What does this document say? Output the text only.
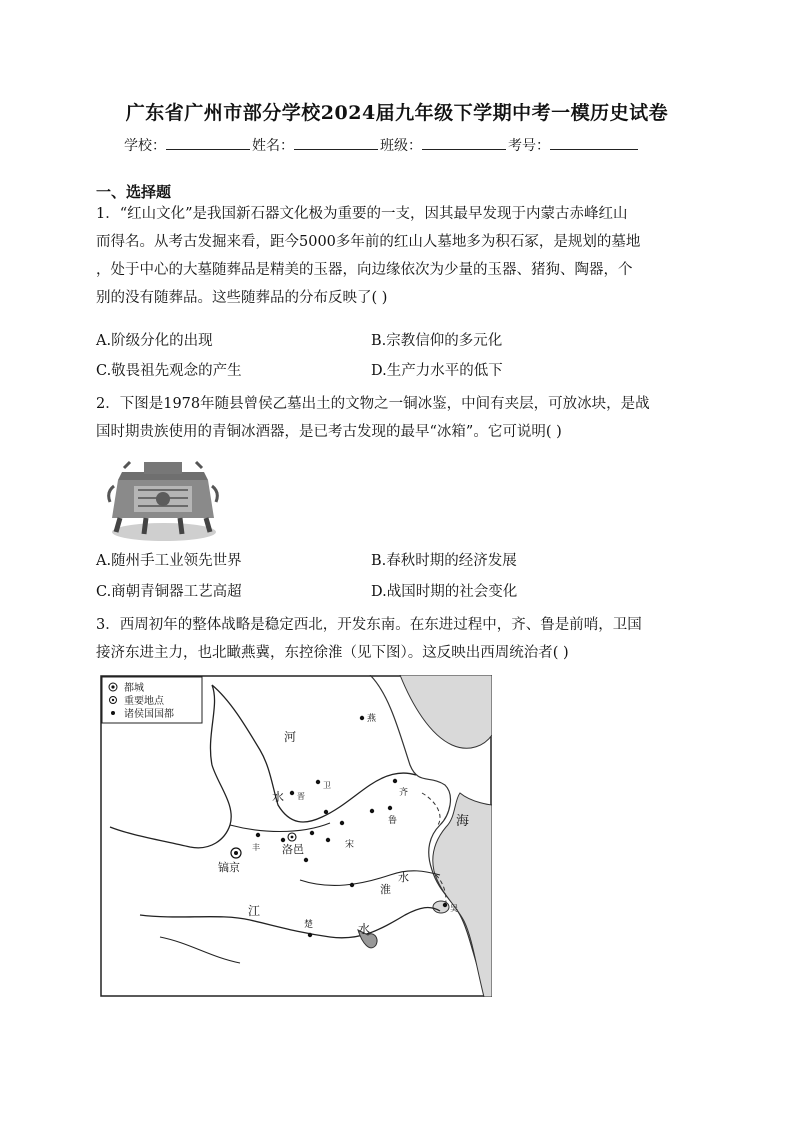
广东省广州市部分学校2024届九年级下学期中考一模历史试卷
学校：	姓名：	班级：	考号：
一、选择题
1．“红山文化”是我国新石器文化极为重要的一支，因其最早发现于内蒙古赤峰红山
而得名。从考古发掘来看，距今5000多年前的红山人墓地多为积石冢，是规划的墓地
，处于中心的大墓随葬品是精美的玉器，向边缘依次为少量的玉器、猪狗、陶器，个
别的没有随葬品。这些随葬品的分布反映了( )
A.阶级分化的出现	B.宗教信仰的多元化
C.敬畏祖先观念的产生	D.生产力水平的低下
2．下图是1978年随县曾侯乙墓出土的文物之一铜冰鉴，中间有夹层，可放冰块，是战
国时期贵族使用的青铜冰酒器，是已考古发现的最早“冰箱”。它可说明( )
A.随州手工业领先世界	B.春秋时期的经济发展
C.商朝青铜器工艺高超	D.战国时期的社会变化
3．西周初年的整体战略是稳定西北，开发东南。在东进过程中，齐、鲁是前哨，卫国
接济东进主力，也北瞰燕冀，东控徐淮（见下图）。这反映出西周统治者( )
都城
重要地点
诸侯国国都	燕
河
水
卫
晋	齐
鲁	海
丰
镐京
洛邑	宋
淮
水
江
楚	水
吴
